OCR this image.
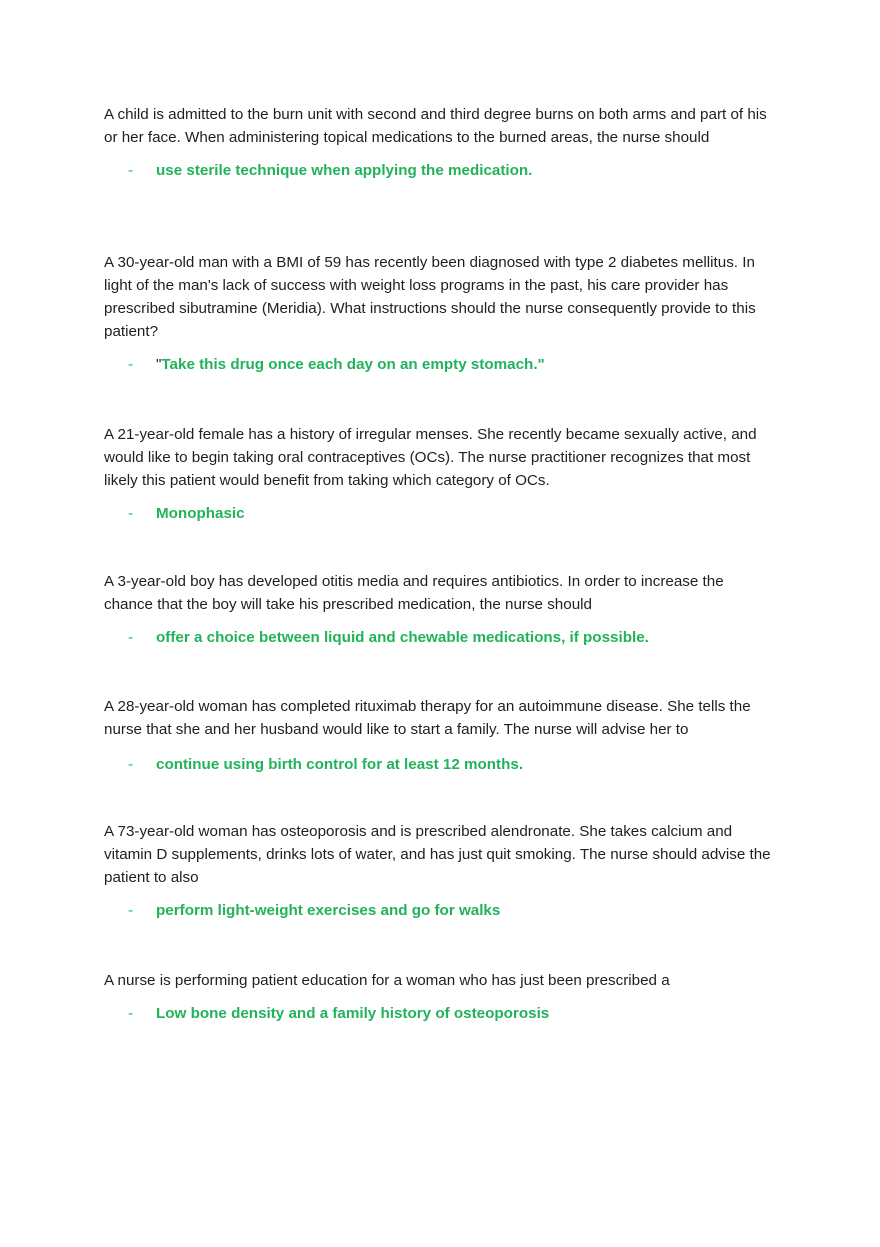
A child is admitted to the burn unit with second and third degree burns on both arms and part of his or her face. When administering topical medications to the burned areas, the nurse should

- use sterile technique when applying the medication.

A 30-year-old man with a BMI of 59 has recently been diagnosed with type 2 diabetes mellitus. In light of the man's lack of success with weight loss programs in the past, his care provider has prescribed sibutramine (Meridia). What instructions should the nurse consequently provide to this patient?

- "Take this drug once each day on an empty stomach."

A 21-year-old female has a history of irregular menses. She recently became sexually active, and would like to begin taking oral contraceptives (OCs). The nurse practitioner recognizes that most likely this patient would benefit from taking which category of OCs.

- Monophasic

A 3-year-old boy has developed otitis media and requires antibiotics. In order to increase the chance that the boy will take his prescribed medication, the nurse should

- offer a choice between liquid and chewable medications, if possible.

A 28-year-old woman has completed rituximab therapy for an autoimmune disease. She tells the nurse that she and her husband would like to start a family. The nurse will advise her to

- continue using birth control for at least 12 months.

A 73-year-old woman has osteoporosis and is prescribed alendronate. She takes calcium and vitamin D supplements, drinks lots of water, and has just quit smoking. The nurse should advise the patient to also

- perform light-weight exercises and go for walks

A nurse is performing patient education for a woman who has just been prescribed a

- Low bone density and a family history of osteoporosis
